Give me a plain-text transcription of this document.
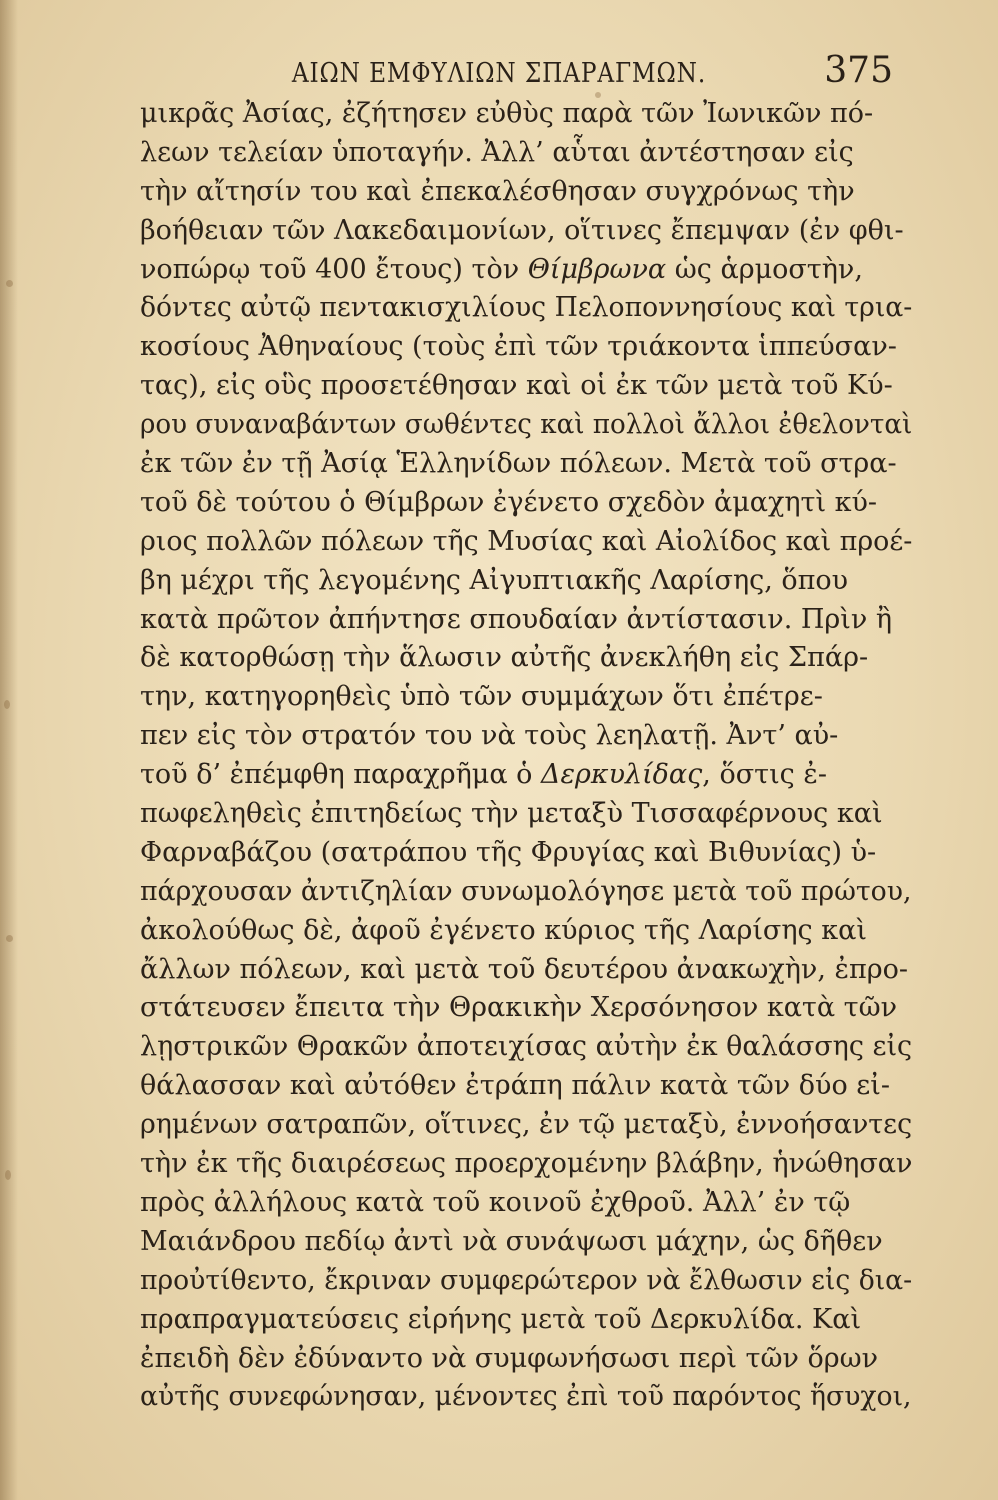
ΑΙΩΝ ΕΜΦΥΛΙΩΝ ΣΠΑΡΑΓΜΩΝ.	375
μικρᾶς Ἀσίας, ἐζήτησεν εὐθὺς παρὰ τῶν Ἰωνικῶν πό-
λεων τελείαν ὑποταγήν. Ἀλλ’ αὗται ἀντέστησαν εἰς
τὴν αἴτησίν του καὶ ἐπεκαλέσθησαν συγχρόνως τὴν
βοήθειαν τῶν Λακεδαιμονίων, οἵτινες ἔπεμψαν (ἐν φθι-
νοπώρῳ τοῦ 400 ἔτους) τὸν Θίμβρωνα ὡς ἁρμοστὴν,
δόντες αὐτῷ πεντακισχιλίους Πελοποννησίους καὶ τρια-
κοσίους Ἀθηναίους (τοὺς ἐπὶ τῶν τριάκοντα ἱππεύσαν-
τας), εἰς οὓς προσετέθησαν καὶ οἱ ἐκ τῶν μετὰ τοῦ Κύ-
ρου συναναβάντων σωθέντες καὶ πολλοὶ ἄλλοι ἐθελονταὶ
ἐκ τῶν ἐν τῇ Ἀσίᾳ Ἑλληνίδων πόλεων. Μετὰ τοῦ στρα-
τοῦ δὲ τούτου ὁ Θίμβρων ἐγένετο σχεδὸν ἀμαχητὶ κύ-
ριος πολλῶν πόλεων τῆς Μυσίας καὶ Αἰολίδος καὶ προέ-
βη μέχρι τῆς λεγομένης Αἰγυπτιακῆς Λαρίσης, ὅπου
κατὰ πρῶτον ἀπήντησε σπουδαίαν ἀντίστασιν. Πρὶν ἢ
δὲ κατορθώσῃ τὴν ἅλωσιν αὐτῆς ἀνεκλήθη εἰς Σπάρ-
την, κατηγορηθεὶς ὑπὸ τῶν συμμάχων ὅτι ἐπέτρε-
πεν εἰς τὸν στρατόν του νὰ τοὺς λεηλατῇ. Ἀντ’ αὐ-
τοῦ δ’ ἐπέμφθη παραχρῆμα ὁ Δερκυλίδας, ὅστις ἐ-
πωφεληθεὶς ἐπιτηδείως τὴν μεταξὺ Τισσαφέρνους καὶ
Φαρναβάζου (σατράπου τῆς Φρυγίας καὶ Βιθυνίας) ὑ-
πάρχουσαν ἀντιζηλίαν συνωμολόγησε μετὰ τοῦ πρώτου,
ἀκολούθως δὲ, ἀφοῦ ἐγένετο κύριος τῆς Λαρίσης καὶ
ἄλλων πόλεων, καὶ μετὰ τοῦ δευτέρου ἀνακωχὴν, ἐπρο-
στάτευσεν ἔπειτα τὴν Θρακικὴν Χερσόνησον κατὰ τῶν
λῃστρικῶν Θρακῶν ἀποτειχίσας αὐτὴν ἐκ θαλάσσης εἰς
θάλασσαν καὶ αὐτόθεν ἐτράπη πάλιν κατὰ τῶν δύο εἰ-
ρημένων σατραπῶν, οἵτινες, ἐν τῷ μεταξὺ, ἐννοήσαντες
τὴν ἐκ τῆς διαιρέσεως προερχομένην βλάβην, ἡνώθησαν
πρὸς ἀλλήλους κατὰ τοῦ κοινοῦ ἐχθροῦ. Ἀλλ’ ἐν τῷ
Μαιάνδρου πεδίῳ ἀντὶ νὰ συνάψωσι μάχην, ὡς δῆθεν
προὐτίθεντο, ἔκριναν συμφερώτερον νὰ ἔλθωσιν εἰς δια-
πραπραγματεύσεις εἰρήνης μετὰ τοῦ Δερκυλίδα. Καὶ
ἐπειδὴ δὲν ἐδύναντο νὰ συμφωνήσωσι περὶ τῶν ὅρων
αὐτῆς συνεφώνησαν, μένοντες ἐπὶ τοῦ παρόντος ἥσυχοι,
